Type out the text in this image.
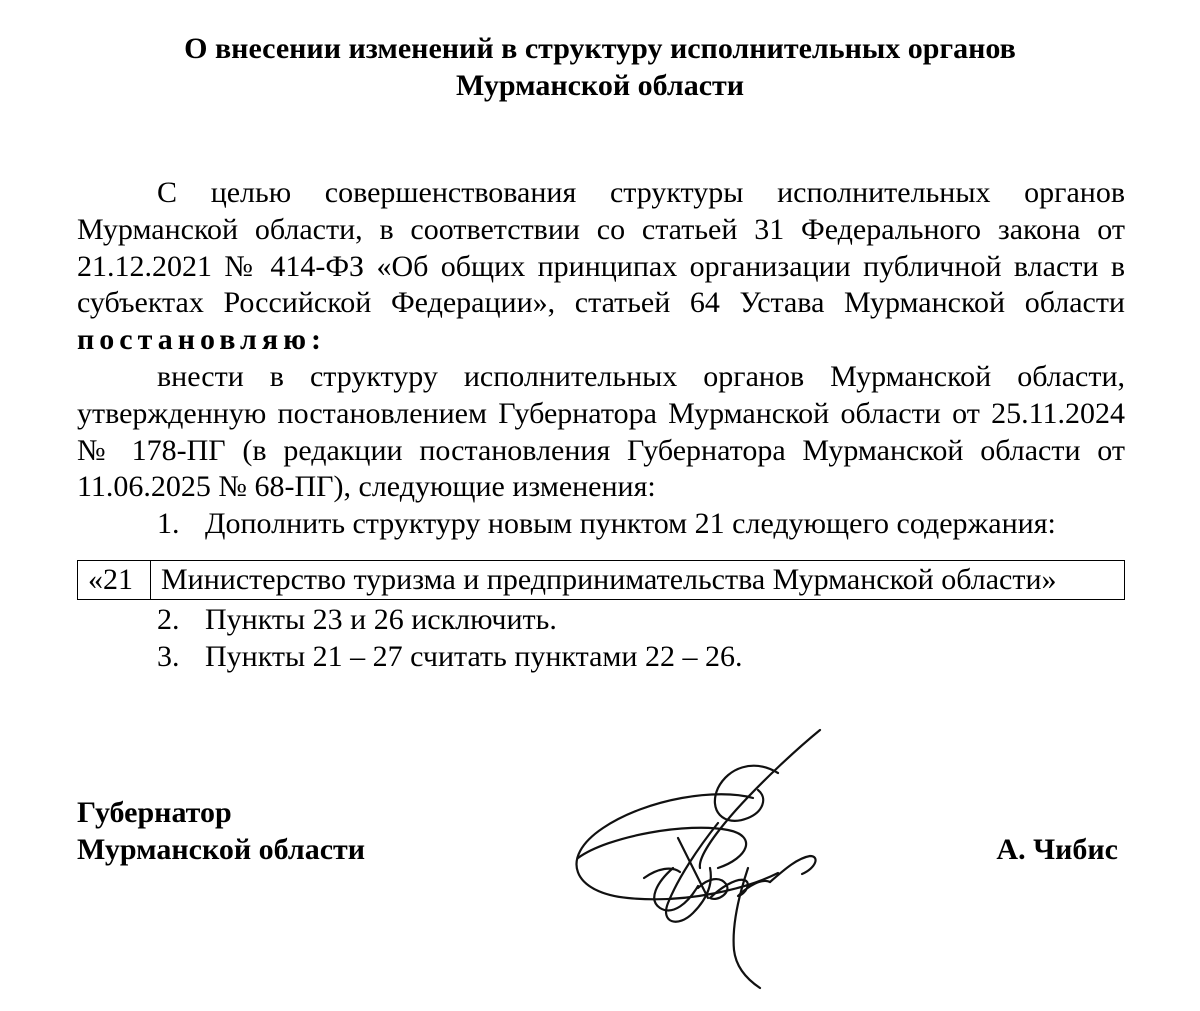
О внесении изменений в структуру исполнительных органов
Мурманской области

С целью совершенствования структуры исполнительных органов Мурманской области, в соответствии со статьей 31 Федерального закона от 21.12.2021 № 414-ФЗ «Об общих принципах организации публичной власти в субъектах Российской Федерации», статьей 64 Устава Мурманской области постановляю:

внести в структуру исполнительных органов Мурманской области, утвержденную постановлением Губернатора Мурманской области от 25.11.2024 № 178-ПГ (в редакции постановления Губернатора Мурманской области от 11.06.2025 № 68-ПГ), следующие изменения:

1. Дополнить структуру новым пунктом 21 следующего содержания:
«21	Министерство туризма и предпринимательства Мурманской области»
2. Пункты 23 и 26 исключить.
3. Пункты 21 – 27 считать пунктами 22 – 26.
Губернатор
Мурманской области	А. Чибис
